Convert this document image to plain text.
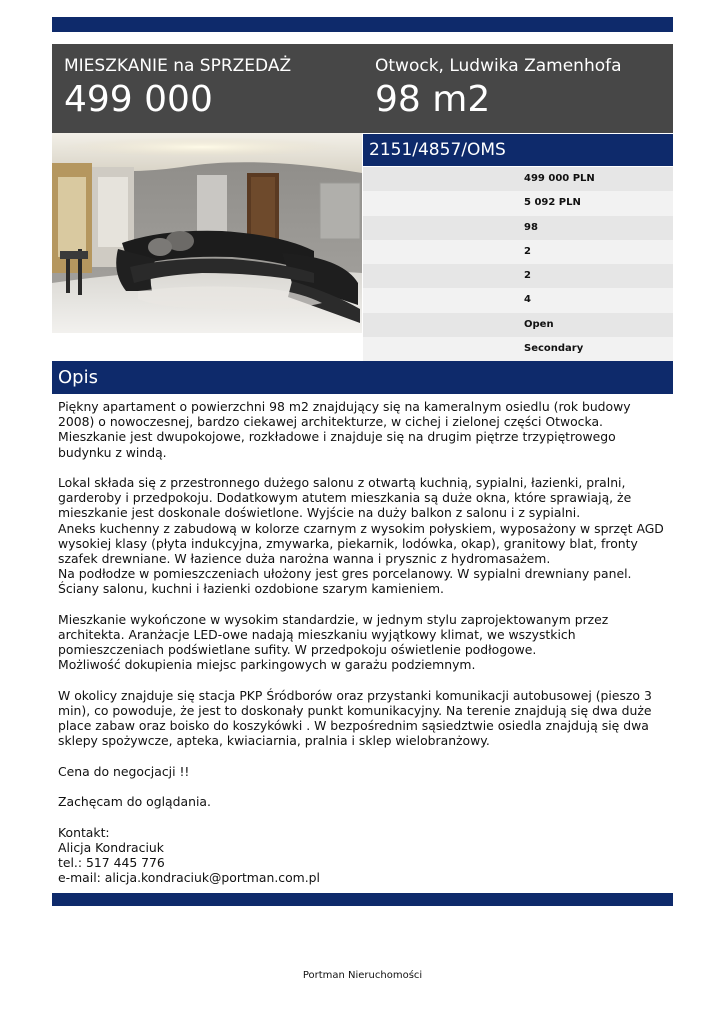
MIESZKANIE na SPRZEDAŻ
499 000
Otwock, Ludwika Zamenhofa
98 m2
2151/4857/OMS
499 000 PLN
5 092 PLN
98
2
2
4
Open
Secondary
Opis
Piękny apartament o powierzchni 98 m2 znajdujący się na kameralnym osiedlu (rok budowy 2008) o nowoczesnej, bardzo ciekawej architekturze, w cichej i zielonej części Otwocka. Mieszkanie jest dwupokojowe, rozkładowe i znajduje się na drugim piętrze trzypiętrowego budynku z windą.

Lokal składa się z przestronnego dużego salonu z otwartą kuchnią, sypialni, łazienki, pralni, garderoby i przedpokoju. Dodatkowym atutem mieszkania są duże okna, które sprawiają, że mieszkanie jest doskonale doświetlone. Wyjście na duży balkon z salonu i z sypialni.
Aneks kuchenny z zabudową w kolorze czarnym z wysokim połyskiem, wyposażony w sprzęt AGD wysokiej klasy (płyta indukcyjna, zmywarka, piekarnik, lodówka, okap), granitowy blat, fronty szafek drewniane. W łazience duża narożna wanna i prysznic z hydromasażem.
Na podłodze w pomieszczeniach ułożony jest gres porcelanowy. W sypialni drewniany panel.
Ściany salonu, kuchni i łazienki ozdobione szarym kamieniem.

Mieszkanie wykończone w wysokim standardzie, w jednym stylu zaprojektowanym przez architekta. Aranżacje LED-owe nadają mieszkaniu wyjątkowy klimat, we wszystkich pomieszczeniach podświetlane sufity. W przedpokoju oświetlenie podłogowe.
Możliwość dokupienia miejsc parkingowych w garażu podziemnym.

W okolicy znajduje się stacja PKP Śródborów oraz przystanki komunikacji autobusowej (pieszo 3 min), co powoduje, że jest to doskonały punkt komunikacyjny. Na terenie znajdują się dwa duże place zabaw oraz boisko do koszykówki . W bezpośrednim sąsiedztwie osiedla znajdują się dwa sklepy spożywcze, apteka, kwiaciarnia, pralnia i sklep wielobranżowy.

Cena do negocjacji !!

Zachęcam do oglądania.

Kontakt:
Alicja Kondraciuk
tel.: 517 445 776
e-mail: alicja.kondraciuk@portman.com.pl
Portman Nieruchomości
